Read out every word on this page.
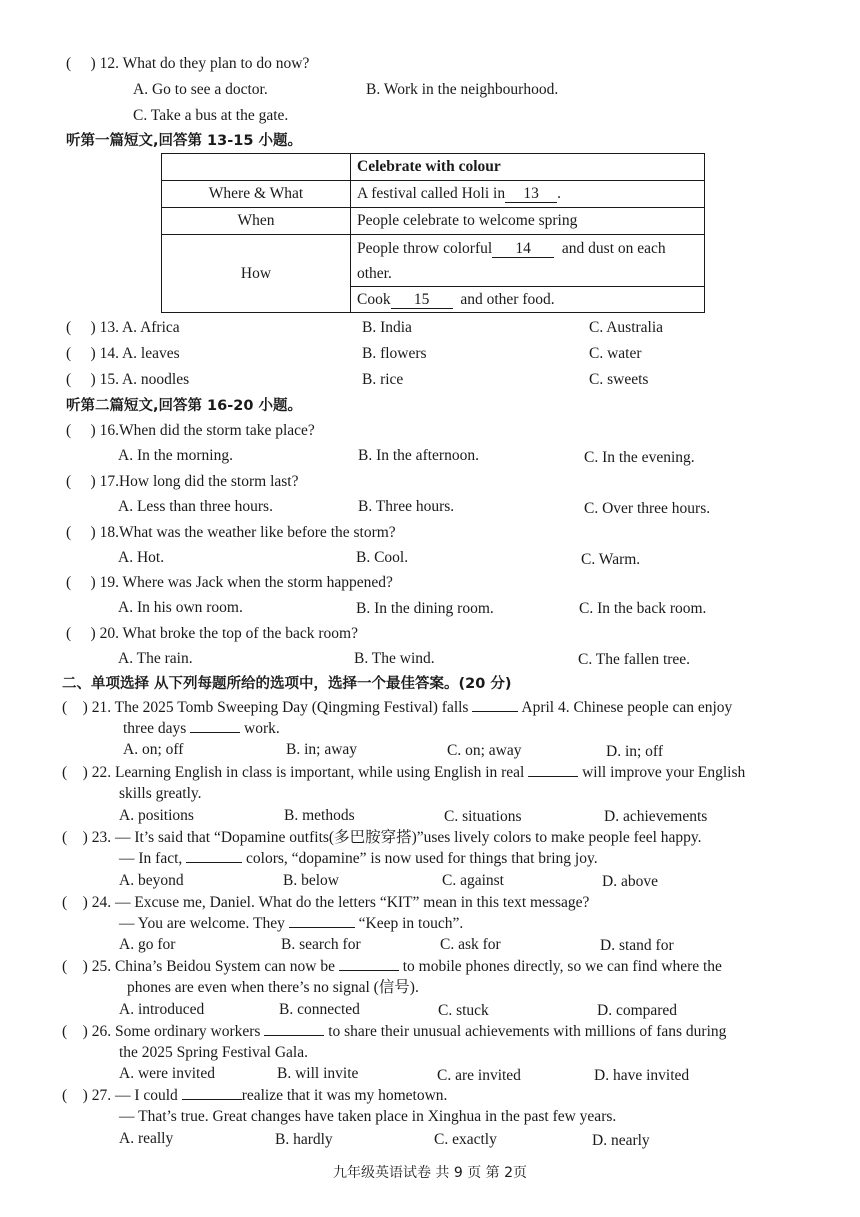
( ) 12. What do they plan to do now?
A. Go to see a doctor.	B. Work in the neighbourhood.
C. Take a bus at the gate.
听第一篇短文,回答第 13-15 小题。
	Celebrate with colour
Where & What	A festival called Holi in 13 .
When	People celebrate to welcome spring
How	People throw colorful 14 and dust on each
other.
	Cook 15 and other food.
(     ) 13. A. Africa	B. India	C. Australia
(     ) 14. A. leaves	B. flowers	C. water
(     ) 15. A. noodles	B. rice	C. sweets
听第二篇短文,回答第 16-20 小题。
(     ) 16.When did the storm take place?
A. In the morning.	B. In the afternoon.	C. In the evening.
(     ) 17.How long did the storm last?
A. Less than three hours.	B. Three hours.	C. Over three hours.
(     ) 18.What was the weather like before the storm?
A. Hot.	B. Cool.	C. Warm.
(     ) 19. Where was Jack when the storm happened?
A. In his own room.	B. In the dining room.	C. In the back room.
(     ) 20. What broke the top of the back room?
A. The rain.	B. The wind.	C. The fallen tree.
二、单项选择 从下列每题所给的选项中，选择一个最佳答案。(20 分)
(    ) 21. The 2025 Tomb Sweeping Day (Qingming Festival) falls	April 4. Chinese people can enjoy
three days	work.
A. on; off	B. in; away	C. on; away	D. in; off
(    ) 22. Learning English in class is important, while using English in real	will improve your English
skills greatly.
A. positions	B. methods	C. situations	D. achievements
(    ) 23. — It’s said that “Dopamine outfits(多巴胺穿搭)”uses lively colors to make people feel happy.
— In fact,	colors, “dopamine” is now used for things that bring joy.
A. beyond	B. below	C. against	D. above
(    ) 24. — Excuse me, Daniel. What do the letters “KIT” mean in this text message?
— You are welcome. They	“Keep in touch”.
A. go for	B. search for	C. ask for	D. stand for
(    ) 25. China’s Beidou System can now be	to mobile phones directly, so we can find where the
phones are even when there’s no signal (信号).
A. introduced	B. connected	C. stuck	D. compared
(    ) 26. Some ordinary workers	to share their unusual achievements with millions of fans during
the 2025 Spring Festival Gala.
A. were invited	B. will invite	C. are invited	D. have invited
(    ) 27. — I could	realize that it was my hometown.
— That’s true. Great changes have taken place in Xinghua in the past few years.
A. really	B. hardly	C. exactly	D. nearly
九年级英语试卷 共 9 页 第 2页
